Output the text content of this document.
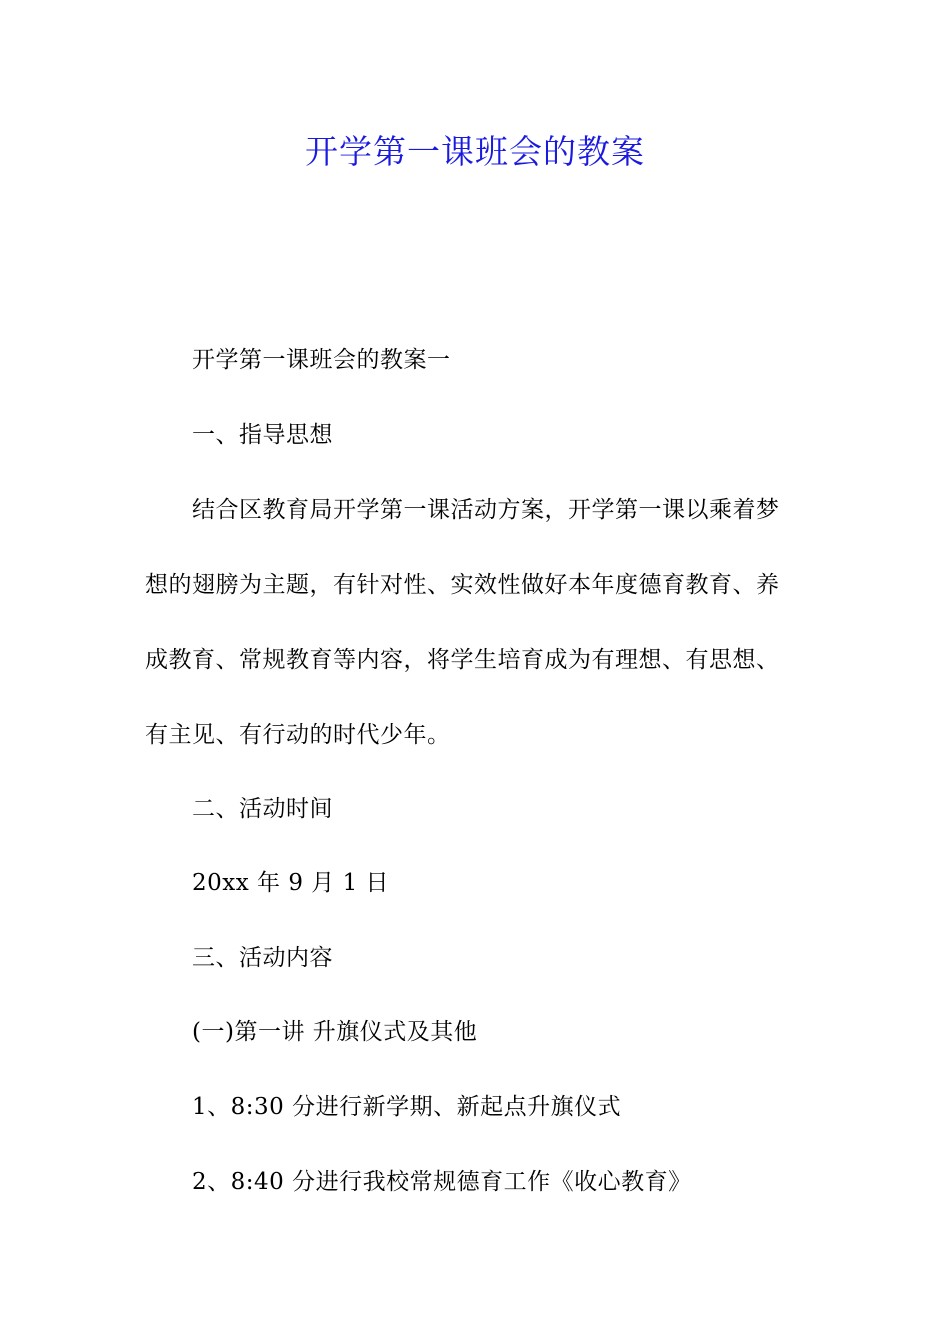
开学第一课班会的教案
开学第一课班会的教案一
一、指导思想
结合区教育局开学第一课活动方案，开学第一课以乘着梦
想的翅膀为主题，有针对性、实效性做好本年度德育教育、养
成教育、常规教育等内容，将学生培育成为有理想、有思想、
有主见、有行动的时代少年。
二、活动时间
20xx 年 9 月 1 日
三、活动内容
(一)第一讲 升旗仪式及其他
1、8:30 分进行新学期、新起点升旗仪式
2、8:40 分进行我校常规德育工作《收心教育》
